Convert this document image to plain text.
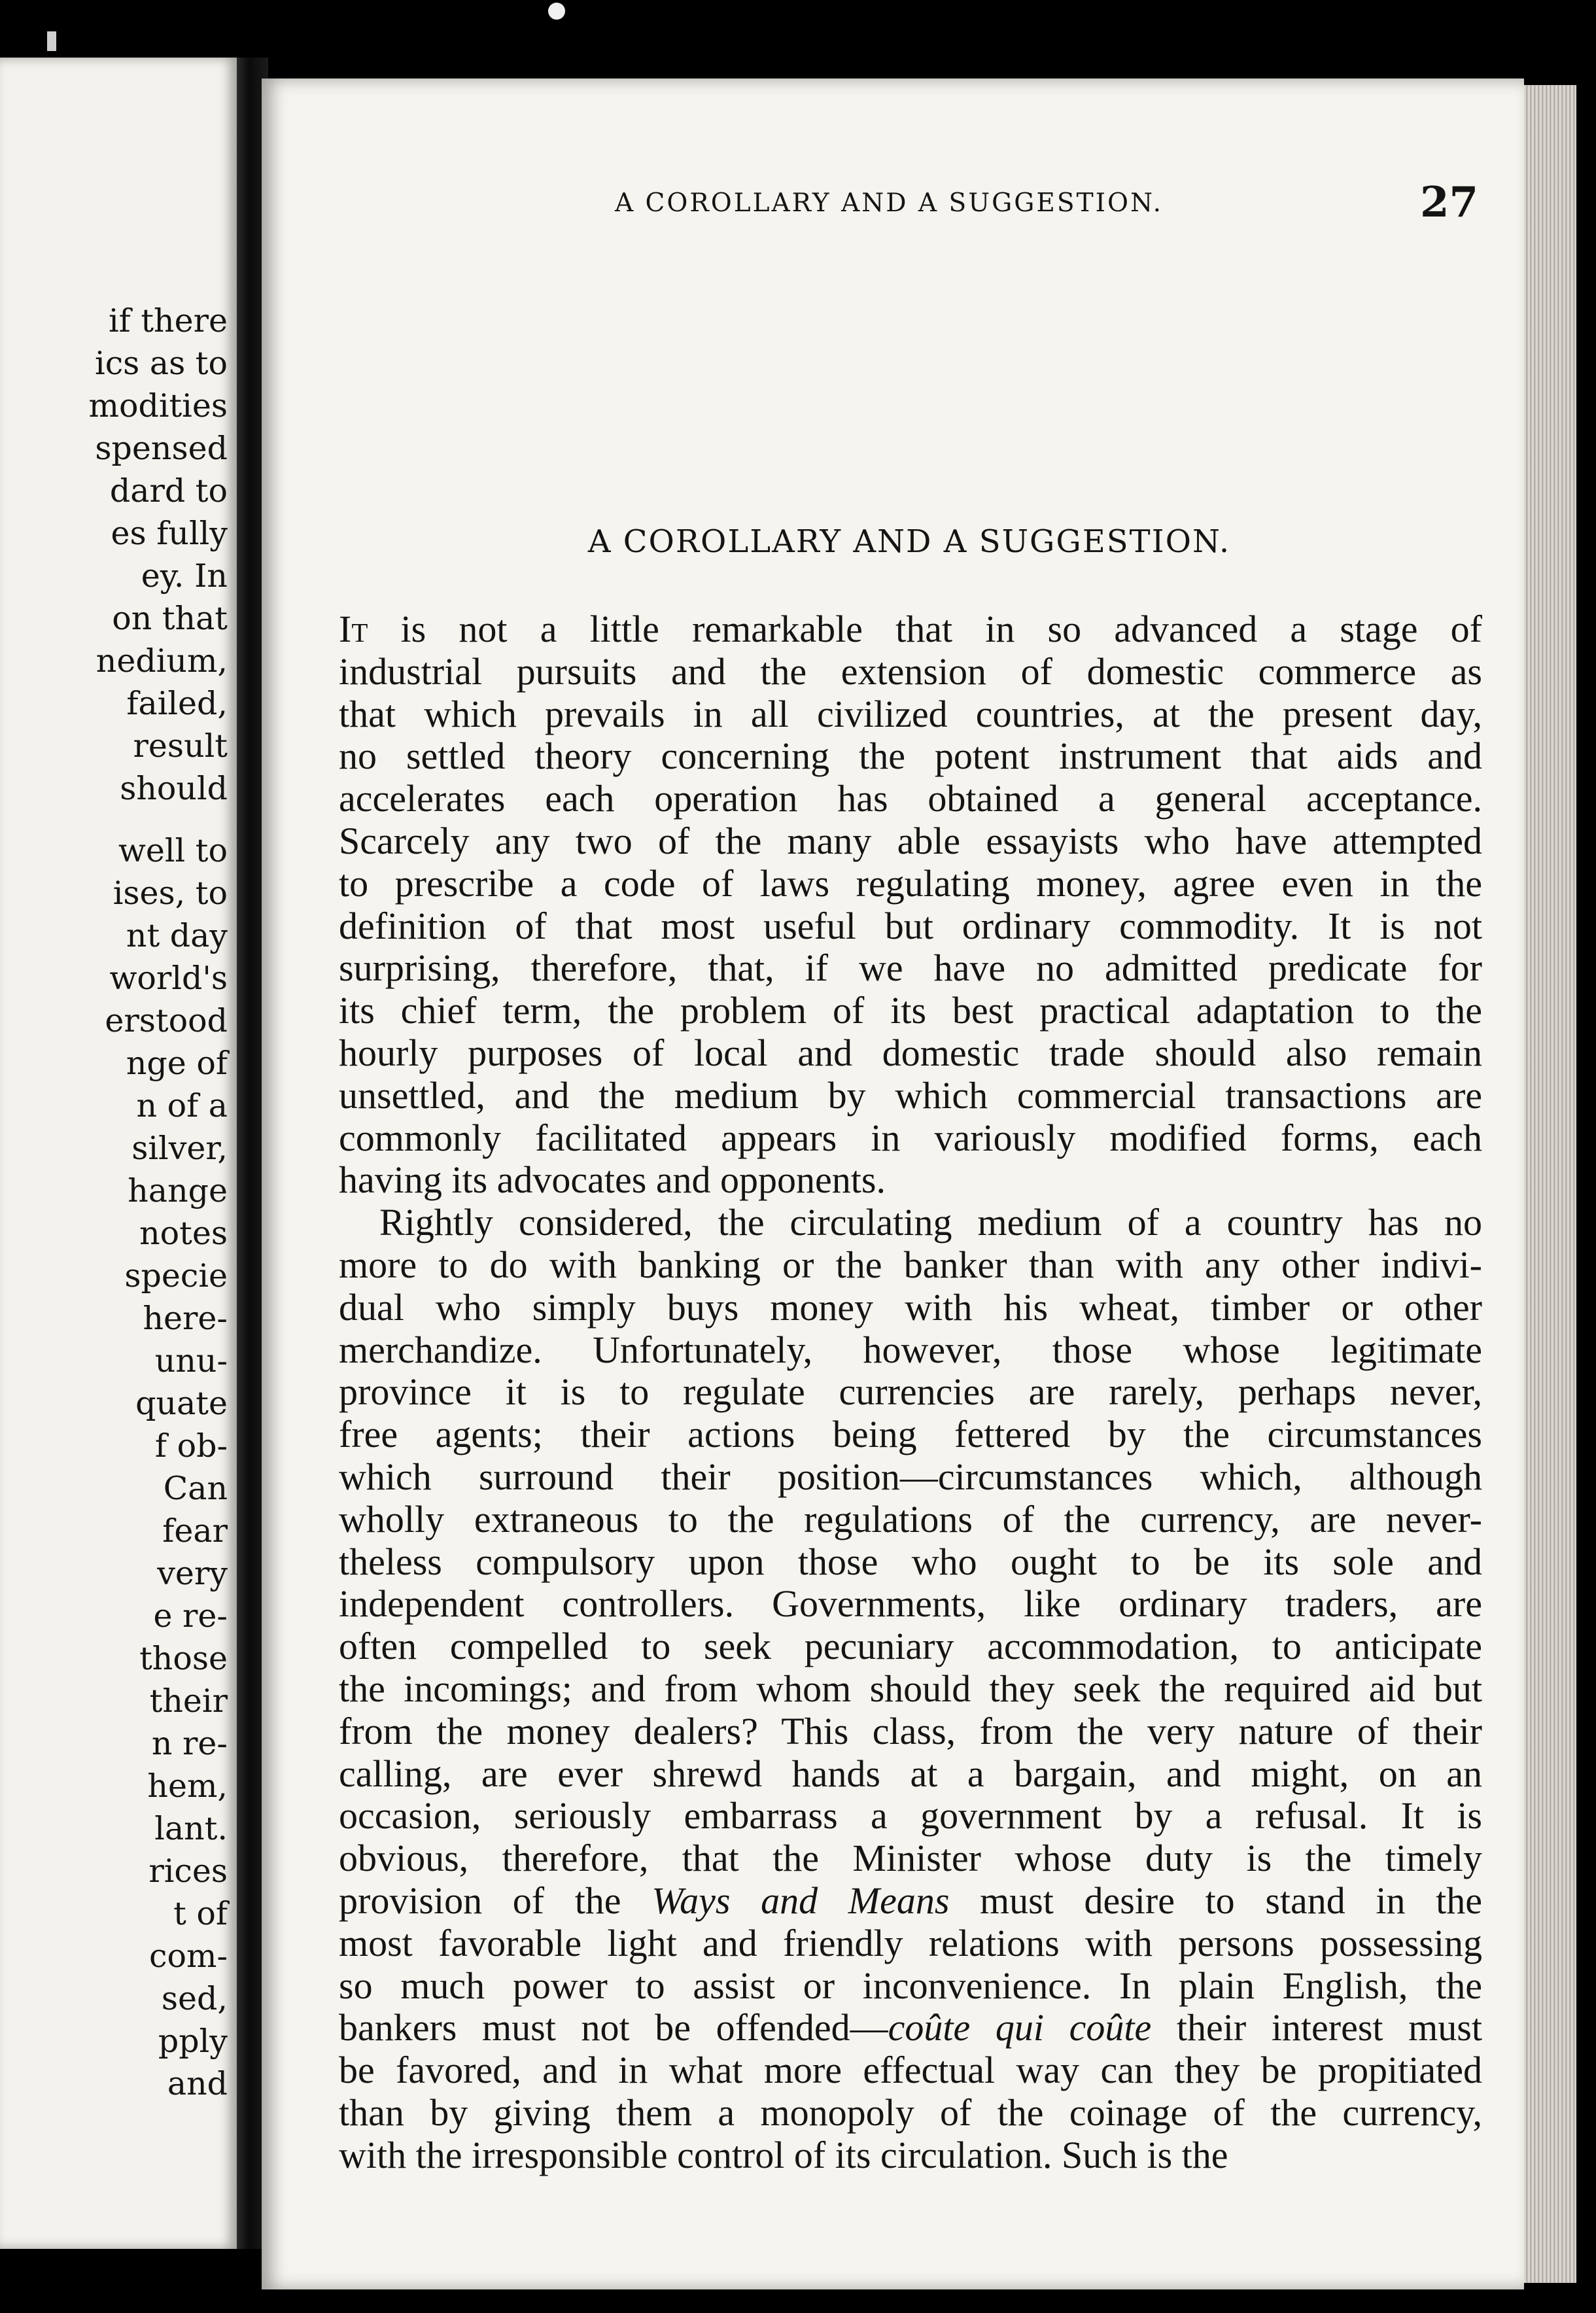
if there
ics as to
modities
spensed
dard to
es fully
ey. In
on that
nedium,
failed,
result
should
well to
ises, to
nt day
world's
erstood
nge of
n of a
silver,
hange
notes
specie
here-
unu-
quate
f ob-
Can
fear
very
e re-
those
their
n re-
hem,
lant.
rices
t of
com-
sed,
pply
and
A COROLLARY AND A SUGGESTION.	27
A COROLLARY AND A SUGGESTION.
It is not a little remarkable that in so advanced a stage of
industrial pursuits and the extension of domestic commerce as
that which prevails in all civilized countries, at the present day,
no settled theory concerning the potent instrument that aids and
accelerates each operation has obtained a general acceptance.
Scarcely any two of the many able essayists who have attempted
to prescribe a code of laws regulating money, agree even in the
definition of that most useful but ordinary commodity. It is not
surprising, therefore, that, if we have no admitted predicate for
its chief term, the problem of its best practical adaptation to the
hourly purposes of local and domestic trade should also remain
unsettled, and the medium by which commercial transactions are
commonly facilitated appears in variously modified forms, each
having its advocates and opponents.
Rightly considered, the circulating medium of a country has no
more to do with banking or the banker than with any other indivi-
dual who simply buys money with his wheat, timber or other
merchandize. Unfortunately, however, those whose legitimate
province it is to regulate currencies are rarely, perhaps never,
free agents; their actions being fettered by the circumstances
which surround their position—circumstances which, although
wholly extraneous to the regulations of the currency, are never-
theless compulsory upon those who ought to be its sole and
independent controllers. Governments, like ordinary traders, are
often compelled to seek pecuniary accommodation, to anticipate
the incomings; and from whom should they seek the required aid but
from the money dealers? This class, from the very nature of their
calling, are ever shrewd hands at a bargain, and might, on an
occasion, seriously embarrass a government by a refusal. It is
obvious, therefore, that the Minister whose duty is the timely
provision of the Ways and Means must desire to stand in the
most favorable light and friendly relations with persons possessing
so much power to assist or inconvenience. In plain English, the
bankers must not be offended—coûte qui coûte their interest must
be favored, and in what more effectual way can they be propitiated
than by giving them a monopoly of the coinage of the currency,
with the irresponsible control of its circulation. Such is the
